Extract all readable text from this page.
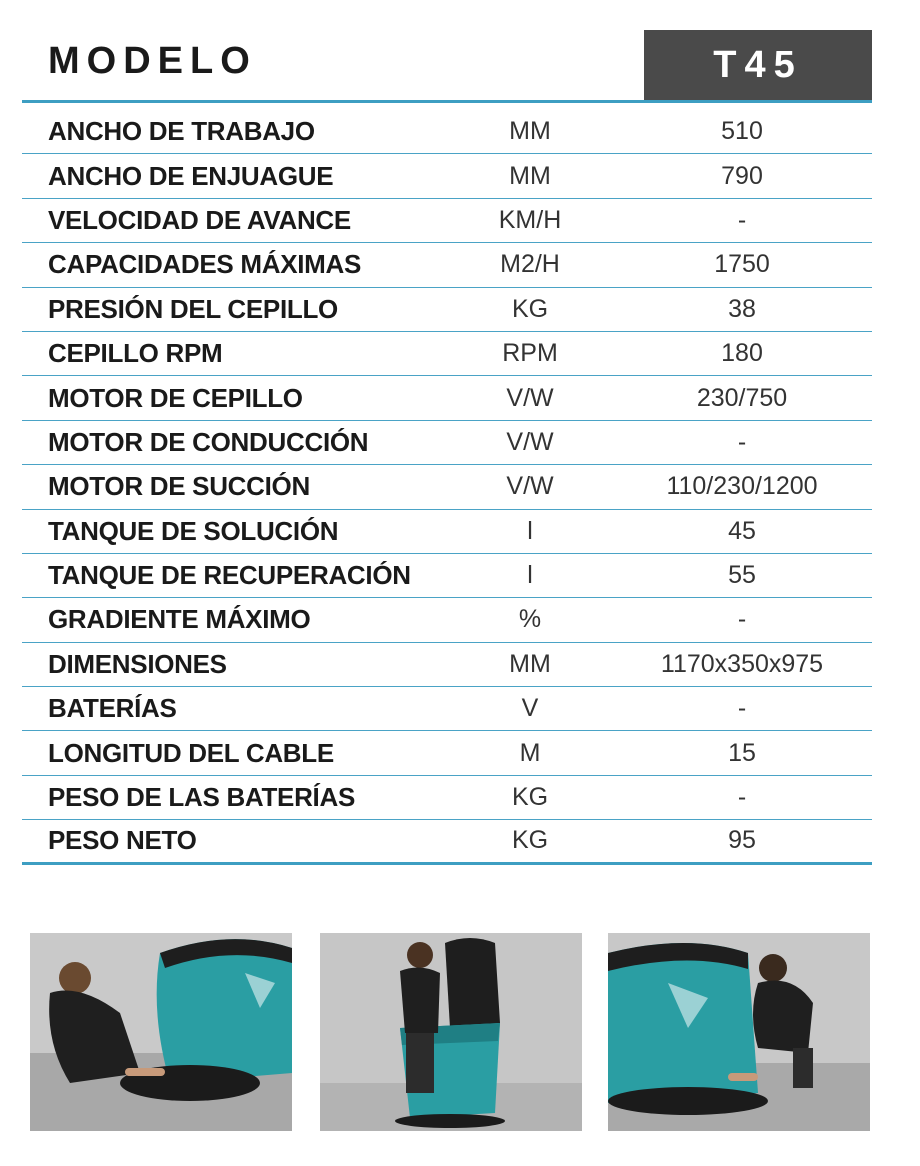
MODELO	T45
ANCHO DE TRABAJO	MM	510
ANCHO DE ENJUAGUE	MM	790
VELOCIDAD DE AVANCE	KM/H	-
CAPACIDADES MÁXIMAS	M2/H	1750
PRESIÓN DEL CEPILLO	KG	38
CEPILLO RPM	RPM	180
MOTOR DE CEPILLO	V/W	230/750
MOTOR DE CONDUCCIÓN	V/W	-
MOTOR DE SUCCIÓN	V/W	110/230/1200
TANQUE DE SOLUCIÓN	l	45
TANQUE DE RECUPERACIÓN	l	55
GRADIENTE MÁXIMO	%	-
DIMENSIONES	MM	1170x350x975
BATERÍAS	V	-
LONGITUD DEL CABLE	M	15
PESO DE LAS BATERÍAS	KG	-
PESO NETO	KG	95
